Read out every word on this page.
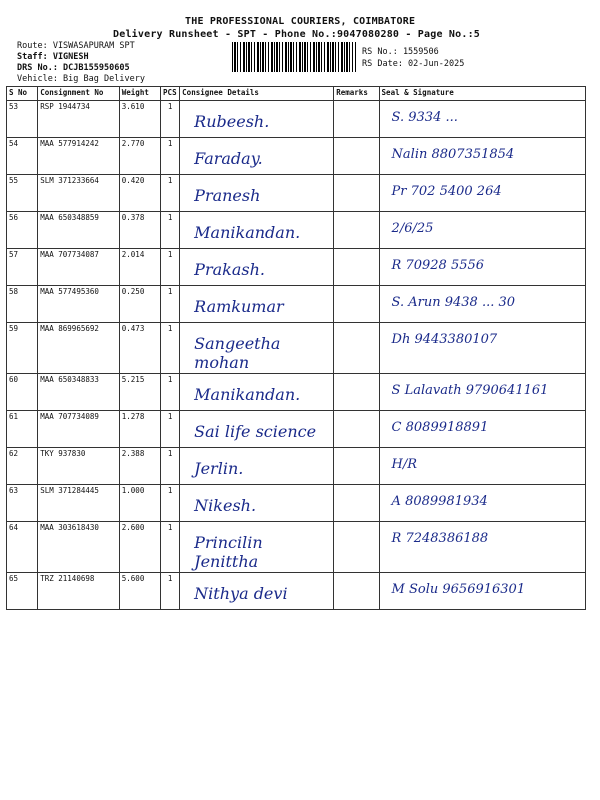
THE PROFESSIONAL COURIERS, COIMBATORE
Delivery Runsheet - SPT - Phone No.:9047080280 - Page No.:5
Route: VISWASAPURAM SPT
Staff: VIGNESH
DRS No.: DCJB155950605
Vehicle: Big Bag Delivery
RS No.: 1559506
RS Date: 02-Jun-2025
S No	Consignment No	Weight	PCS	Consignee Details	Remarks	Seal & Signature
53	RSP 1944734	3.610	1	Rubeesh.		S. 9334 ...

54	MAA 577914242	2.770	1	Faraday.		Nalin 8807351854

55	SLM 371233664	0.420	1	Pranesh		Pr 702 5400 264

56	MAA 650348859	0.378	1	Manikandan.		2/6/25

57	MAA 707734087	2.014	1	Prakash.		R 70928 5556

58	MAA 577495360	0.250	1	Ramkumar		S. Arun 9438 ... 30

59	MAA 869965692	0.473	1	Sangeetha mohan		Dh 9443380107

60	MAA 650348833	5.215	1	Manikandan.		S Lalavath 9790641161

61	MAA 707734089	1.278	1	Sai life science		C 8089918891

62	TKY 937830	2.388	1	Jerlin.		H/R

63	SLM 371284445	1.000	1	Nikesh.		A 8089981934

64	MAA 303618430	2.600	1	Princilin Jenittha		R 7248386188

65	TRZ 21140698	5.600	1	Nithya devi		M Solu 9656916301
